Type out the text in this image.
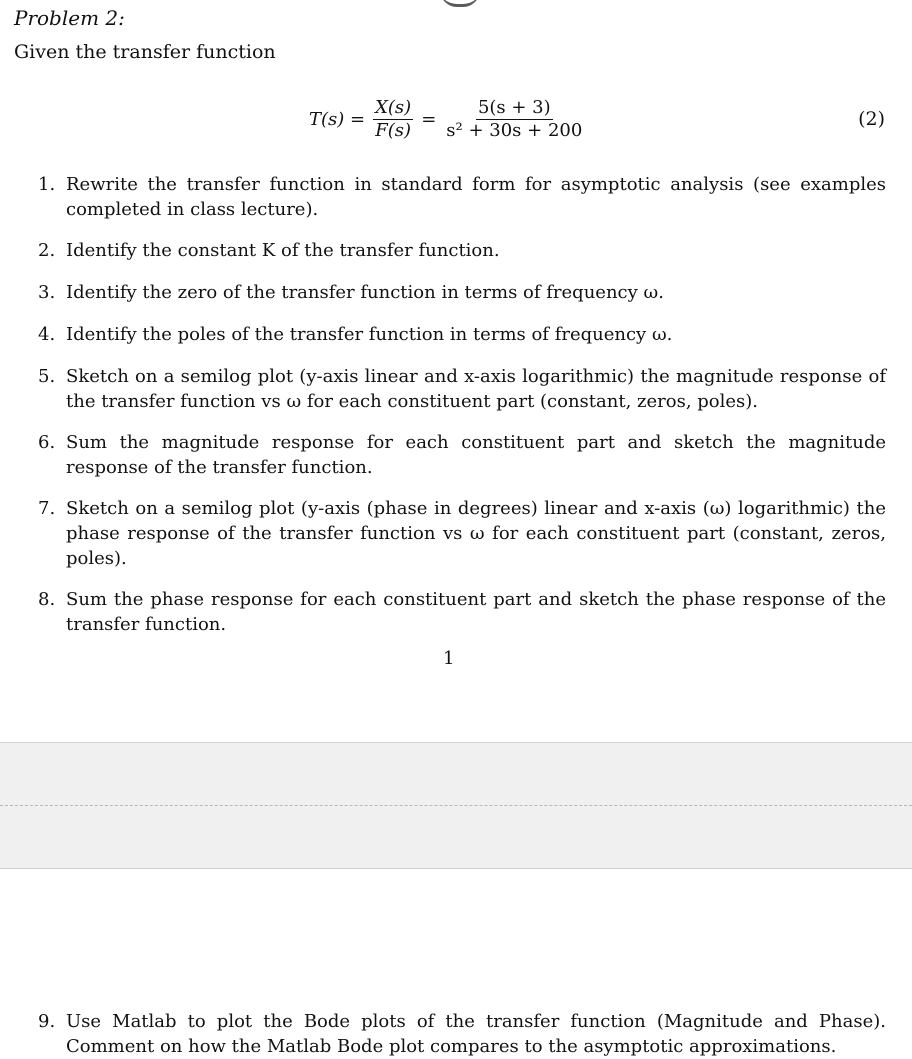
Problem 2:
Given the transfer function
$T(s) = \frac{X(s)}{F(s)} = \frac{5(s + 3)}{\text{s² + 30s + 200}}$	(2)
1. Rewrite the transfer function in standard form for asymptotic analysis (see examples completed in class lecture).
2. Identify the constant K of the transfer function.
3. Identify the zero of the transfer function in terms of frequency ω.
4. Identify the poles of the transfer function in terms of frequency ω.
5. Sketch on a semilog plot (y-axis linear and x-axis logarithmic) the magnitude response of the transfer function vs ω for each constituent part (constant, zeros, poles).
6. Sum the magnitude response for each constituent part and sketch the magnitude response of the transfer function.
7. Sketch on a semilog plot (y-axis (phase in degrees) linear and x-axis (ω) logarithmic) the phase response of the transfer function vs ω for each constituent part (constant, zeros, poles).
8. Sum the phase response for each constituent part and sketch the phase response of the transfer function.
1
9. Use Matlab to plot the Bode plots of the transfer function (Magnitude and Phase). Comment on how the Matlab Bode plot compares to the asymptotic approximations.
